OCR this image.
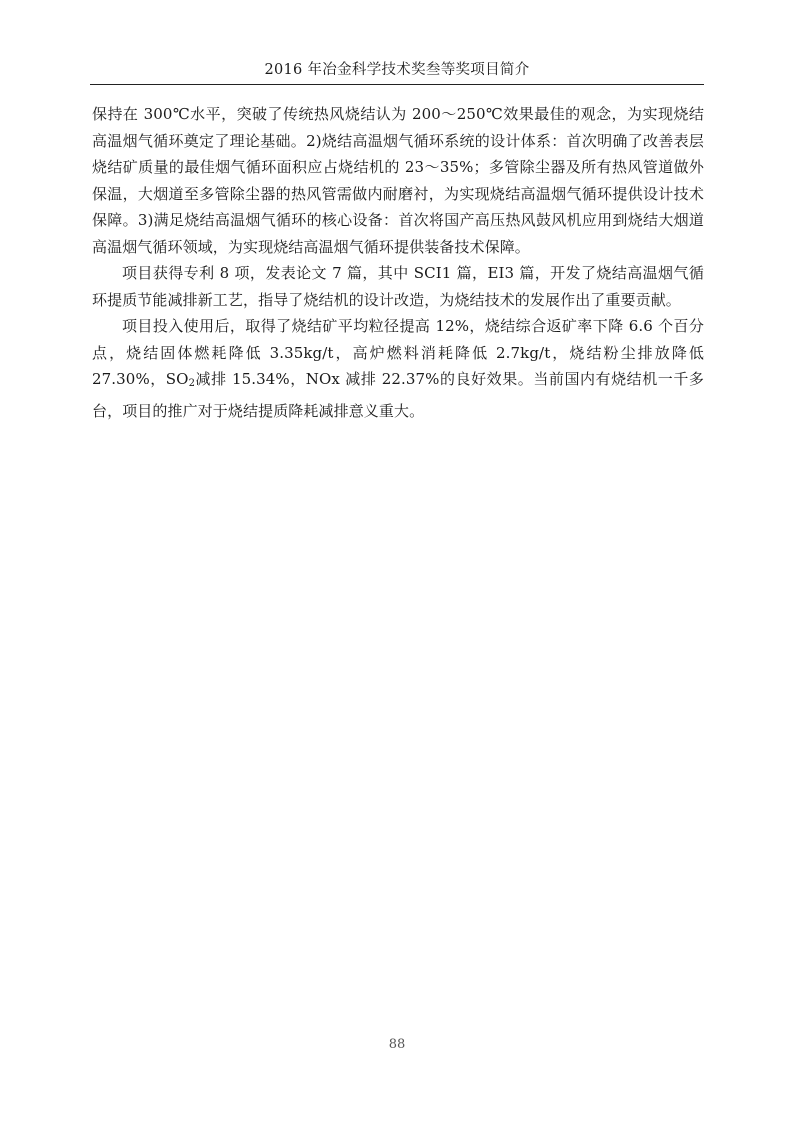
2016 年冶金科学技术奖叁等奖项目简介

保持在 300℃水平，突破了传统热风烧结认为 200～250℃效果最佳的观念，为实现烧结高温烟气循环奠定了理论基础。2)烧结高温烟气循环系统的设计体系：首次明确了改善表层烧结矿质量的最佳烟气循环面积应占烧结机的 23～35%；多管除尘器及所有热风管道做外保温，大烟道至多管除尘器的热风管需做内耐磨衬，为实现烧结高温烟气循环提供设计技术保障。3)满足烧结高温烟气循环的核心设备：首次将国产高压热风鼓风机应用到烧结大烟道高温烟气循环领域，为实现烧结高温烟气循环提供装备技术保障。

项目获得专利 8 项，发表论文 7 篇，其中 SCI1 篇，EI3 篇，开发了烧结高温烟气循环提质节能减排新工艺，指导了烧结机的设计改造，为烧结技术的发展作出了重要贡献。

项目投入使用后，取得了烧结矿平均粒径提高 12%，烧结综合返矿率下降 6.6 个百分点，烧结固体燃耗降低 3.35kg/t，高炉燃料消耗降低 2.7kg/t，烧结粉尘排放降低 27.30%，$SO_2$减排 15.34%，NOx 减排 22.37%的良好效果。当前国内有烧结机一千多台，项目的推广对于烧结提质降耗减排意义重大。

88
